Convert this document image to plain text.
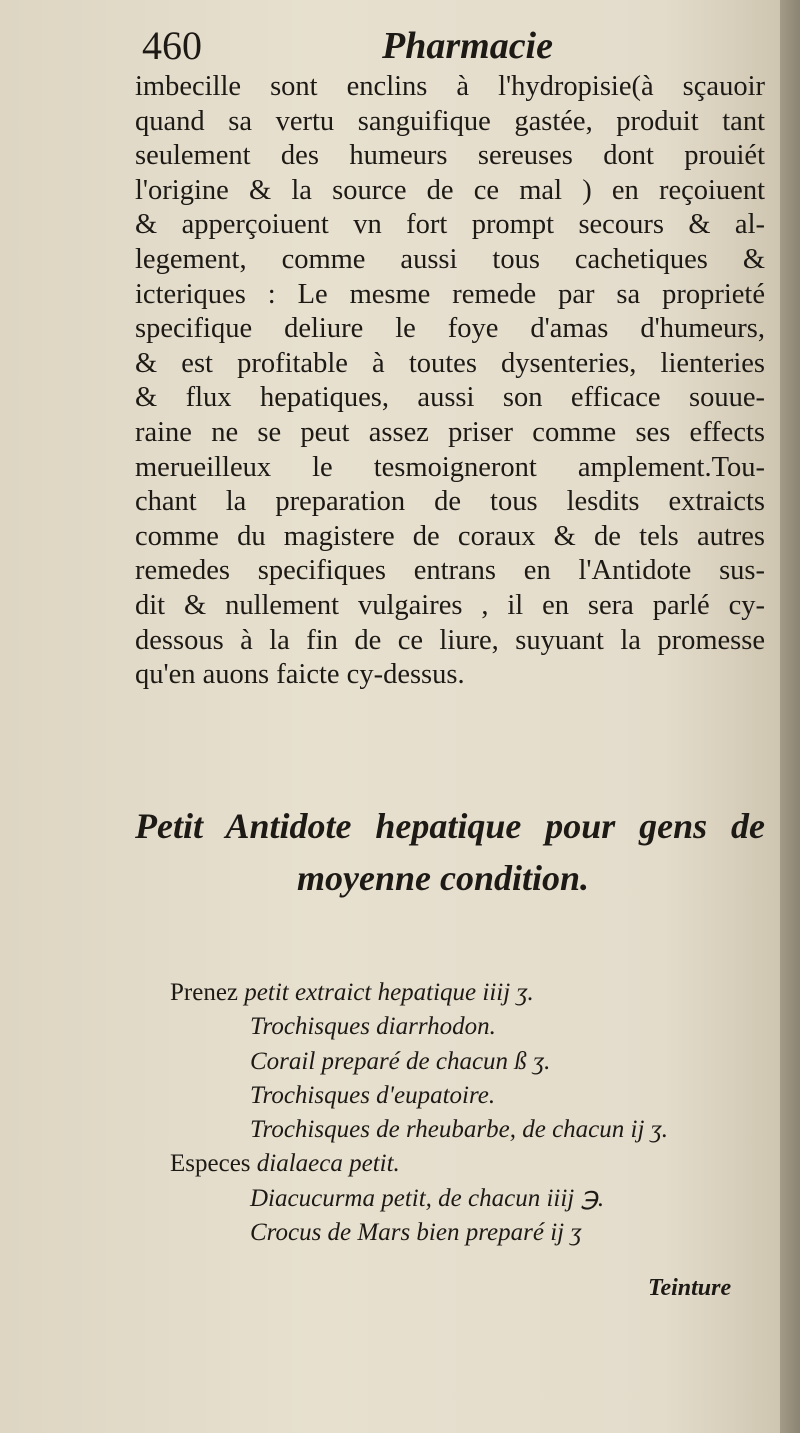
460	Pharmacie
imbecille sont enclins à l'hydropisie(à sçauoir
quand sa vertu sanguifique gastée, produit tant
seulement des humeurs sereuses dont prouiét
l'origine & la source de ce mal ) en reçoiuent
& apperçoiuent vn fort prompt secours & al-
legement, comme aussi tous cachetiques &
icteriques : Le mesme remede par sa proprieté
specifique deliure le foye d'amas d'humeurs,
& est profitable à toutes dysenteries, lienteries
& flux hepatiques, aussi son efficace souue-
raine ne se peut assez priser comme ses effects
merueilleux le tesmoigneront amplement.Tou-
chant la preparation de tous lesdits extraicts
comme du magistere de coraux & de tels autres
remedes specifiques entrans en l'Antidote sus-
dit & nullement vulgaires , il en sera parlé cy-
dessous à la fin de ce liure, suyuant la promesse
qu'en auons faicte cy-dessus.
Petit Antidote hepatique pour gens de
moyenne condition.
Prenez petit extraict hepatique iiij ʒ.
Trochisques diarrhodon.
Corail preparé de chacun ß ʒ.
Trochisques d'eupatoire.
Trochisques de rheubarbe, de chacun ij ʒ.
Especes dialaeca petit.
Diacucurma petit, de chacun iiij ℈.
Crocus de Mars bien preparé ij ʒ
Teinture
